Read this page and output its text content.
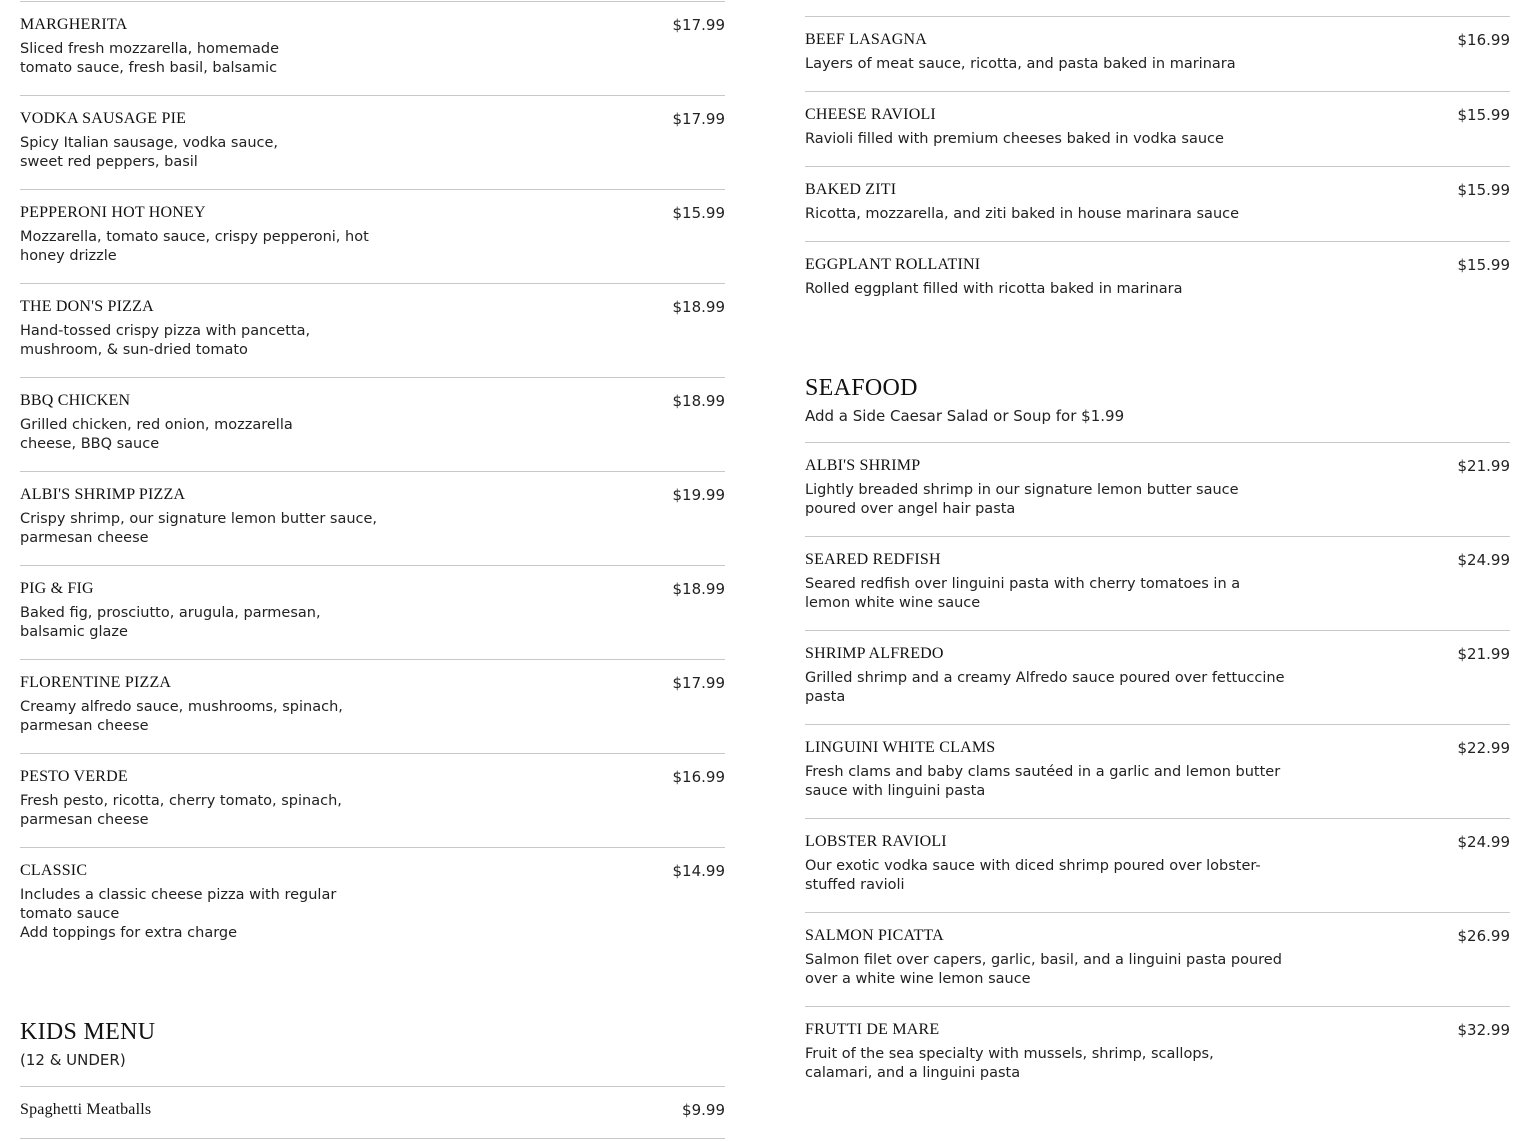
MARGHERITA	$17.99
Sliced fresh mozzarella, homemade
tomato sauce, fresh basil, balsamic
VODKA SAUSAGE PIE	$17.99
Spicy Italian sausage, vodka sauce,
sweet red peppers, basil
PEPPERONI HOT HONEY	$15.99
Mozzarella, tomato sauce, crispy pepperoni, hot
honey drizzle
THE DON'S PIZZA	$18.99
Hand-tossed crispy pizza with pancetta,
mushroom, & sun-dried tomato
BBQ CHICKEN	$18.99
Grilled chicken, red onion, mozzarella
cheese, BBQ sauce
ALBI'S SHRIMP PIZZA	$19.99
Crispy shrimp, our signature lemon butter sauce,
parmesan cheese
PIG & FIG	$18.99
Baked fig, prosciutto, arugula, parmesan,
balsamic glaze
FLORENTINE PIZZA	$17.99
Creamy alfredo sauce, mushrooms, spinach,
parmesan cheese
PESTO VERDE	$16.99
Fresh pesto, ricotta, cherry tomato, spinach,
parmesan cheese
CLASSIC	$14.99
Includes a classic cheese pizza with regular
tomato sauce
Add toppings for extra charge
KIDS MENU
(12 & UNDER)
Spaghetti Meatballs	$9.99
BEEF LASAGNA	$16.99
Layers of meat sauce, ricotta, and pasta baked in marinara
CHEESE RAVIOLI	$15.99
Ravioli filled with premium cheeses baked in vodka sauce
BAKED ZITI	$15.99
Ricotta, mozzarella, and ziti baked in house marinara sauce
EGGPLANT ROLLATINI	$15.99
Rolled eggplant filled with ricotta baked in marinara
SEAFOOD
Add a Side Caesar Salad or Soup for $1.99
ALBI'S SHRIMP	$21.99
Lightly breaded shrimp in our signature lemon butter sauce
poured over angel hair pasta
SEARED REDFISH	$24.99
Seared redfish over linguini pasta with cherry tomatoes in a
lemon white wine sauce
SHRIMP ALFREDO	$21.99
Grilled shrimp and a creamy Alfredo sauce poured over fettuccine
pasta
LINGUINI WHITE CLAMS	$22.99
Fresh clams and baby clams sautéed in a garlic and lemon butter
sauce with linguini pasta
LOBSTER RAVIOLI	$24.99
Our exotic vodka sauce with diced shrimp poured over lobster-
stuffed ravioli
SALMON PICATTA	$26.99
Salmon filet over capers, garlic, basil, and a linguini pasta poured
over a white wine lemon sauce
FRUTTI DE MARE	$32.99
Fruit of the sea specialty with mussels, shrimp, scallops,
calamari, and a linguini pasta
